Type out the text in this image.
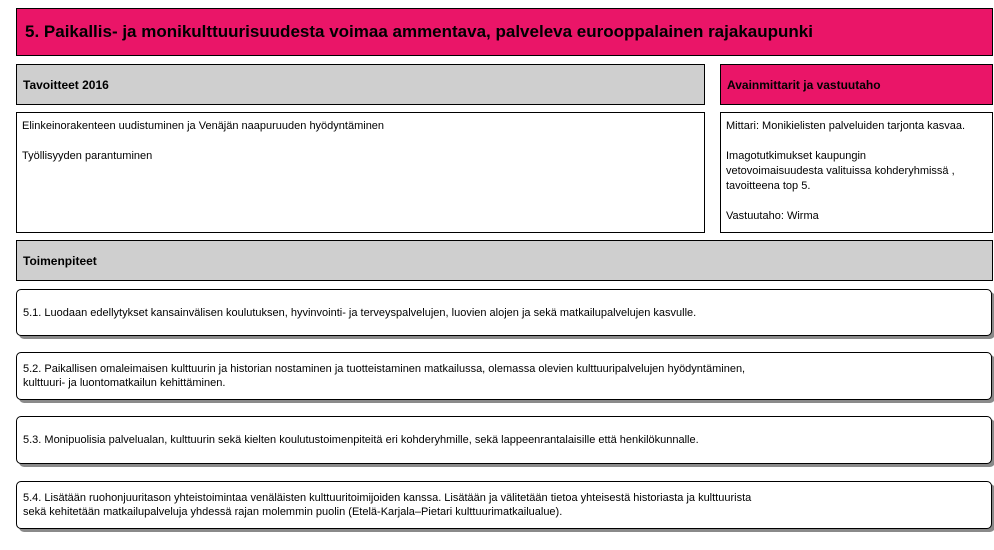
5. Paikallis- ja monikulttuurisuudesta voimaa ammentava, palveleva eurooppalainen rajakaupunki
Tavoitteet 2016	Avainmittarit ja vastuutaho

Elinkeinorakenteen uudistuminen ja Venäjän naapuruuden hyödyntäminen

Työllisyyden parantuminen

Mittari: Monikielisten palveluiden tarjonta kasvaa.

Imagotutkimukset kaupungin

vetovoimaisuudesta valituissa kohderyhmissä ,

tavoitteena top 5.

Vastuutaho: Wirma

Toimenpiteet

5.1. Luodaan edellytykset kansainvälisen koulutuksen, hyvinvointi- ja terveyspalvelujen, luovien alojen ja sekä matkailupalvelujen kasvulle.

5.2. Paikallisen omaleimaisen kulttuurin ja historian nostaminen ja tuotteistaminen matkailussa, olemassa olevien kulttuuripalvelujen hyödyntäminen,

kulttuuri- ja luontomatkailun kehittäminen.

5.3. Monipuolisia palvelualan, kulttuurin sekä kielten koulutustoimenpiteitä eri kohderyhmille, sekä lappeenrantalaisille että henkilökunnalle.

5.4. Lisätään ruohonjuuritason yhteistoimintaa venäläisten kulttuuritoimijoiden kanssa. Lisätään ja välitetään tietoa yhteisestä historiasta ja kulttuurista

sekä kehitetään matkailupalveluja yhdessä rajan molemmin puolin (Etelä-Karjala–Pietari kulttuurimatkailualue).
